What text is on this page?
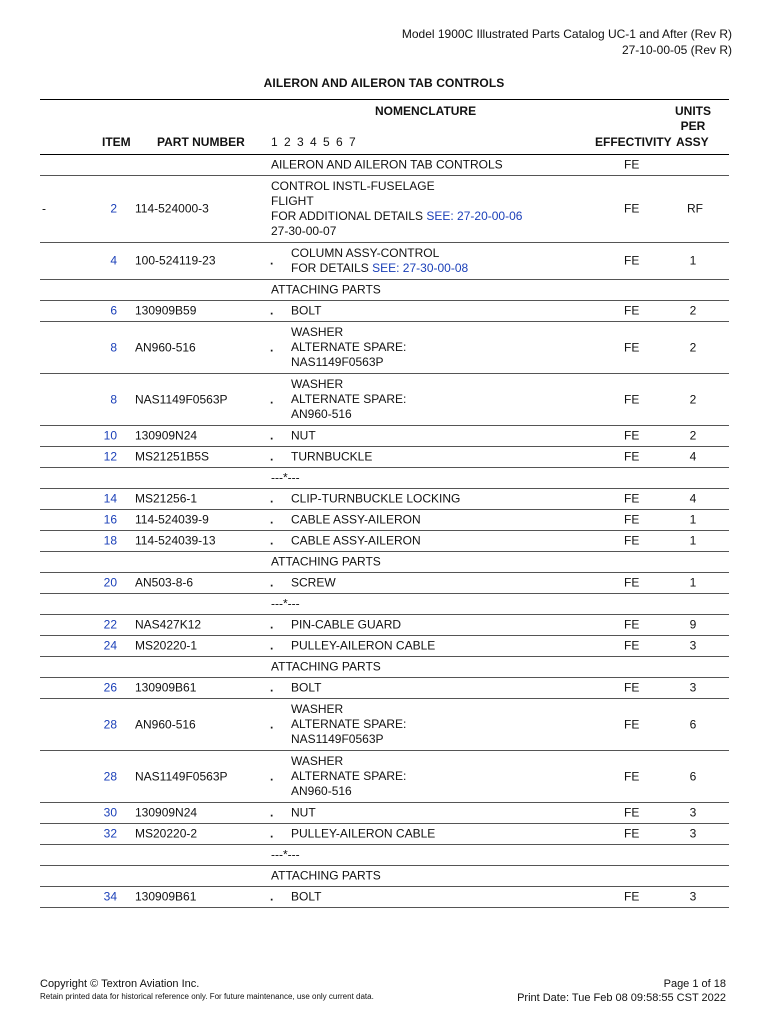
Model 1900C Illustrated Parts Catalog UC-1 and After (Rev R)
27-10-00-05 (Rev R)
AILERON AND AILERON TAB CONTROLS
NOMENCLATURE	UNITS
PER
ITEM PART NUMBER 1 2 3 4 5 6 7	EFFECTIVITY ASSY
AILERON AND AILERON TAB CONTROLS	FE
-	2 114-524000-3
CONTROL INSTL-FUSELAGE
FLIGHT
FOR ADDITIONAL DETAILS SEE: 27-20-00-06
27-30-00-07
FE	RF
4 100-524119-23	.
COLUMN ASSY-CONTROL
FOR DETAILS SEE: 27-30-00-08
FE	1
ATTACHING PARTS
6 130909B59	. BOLT	FE	2
8 AN960-516	.
WASHER
ALTERNATE SPARE:
NAS1149F0563P
FE	2
8 NAS1149F0563P	.
WASHER
ALTERNATE SPARE:
AN960-516
FE	2
10 130909N24	. NUT	FE	2
12 MS21251B5S	. TURNBUCKLE	FE	4
---*---
14 MS21256-1	. CLIP-TURNBUCKLE LOCKING	FE	4
16 114-524039-9	. CABLE ASSY-AILERON	FE	1
18 114-524039-13	. CABLE ASSY-AILERON	FE	1
ATTACHING PARTS
20 AN503-8-6	. SCREW	FE	1
---*---
22 NAS427K12	. PIN-CABLE GUARD	FE	9
24 MS20220-1	. PULLEY-AILERON CABLE	FE	3
ATTACHING PARTS
26 130909B61	. BOLT	FE	3
28 AN960-516	.
WASHER
ALTERNATE SPARE:
NAS1149F0563P
FE	6
28 NAS1149F0563P	.
WASHER
ALTERNATE SPARE:
AN960-516
FE	6
30 130909N24	. NUT	FE	3
32 MS20220-2	. PULLEY-AILERON CABLE	FE	3
---*---
ATTACHING PARTS
34 130909B61	. BOLT	FE	3
Copyright © Textron Aviation Inc.
Retain printed data for historical reference only. For future maintenance, use only current data.
Page 1 of 18
Print Date: Tue Feb 08 09:58:55 CST 2022
